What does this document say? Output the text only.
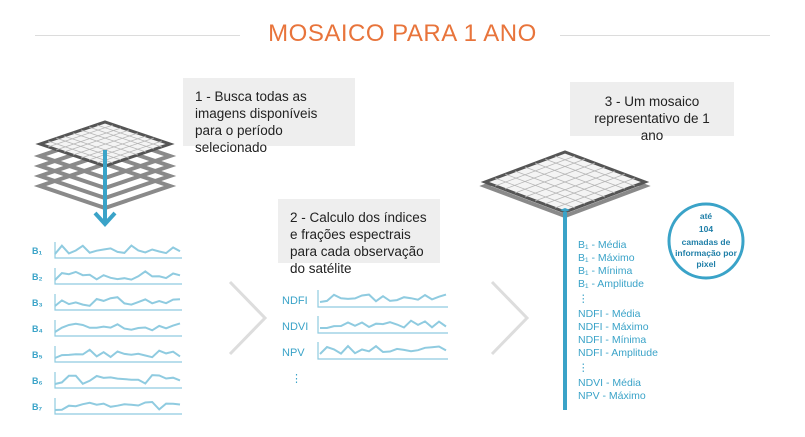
MOSAICO PARA 1 ANO
1 - Busca todas as imagens disponíveis para o período selecionado
2 - Calculo dos índices e frações espectrais para cada observação do satélite
3 - Um mosaico representativo de 1 ano
B₁
B₂
B₃
B₄
B₅
B₆
B₇
NDFI
NDVI
NPV
⋮
B₁ - Média
B₁ - Máximo
B₁ - Mínima
B₁ - Amplitude
⋮
NDFI - Média
NDFI - Máximo
NDFI - Mínima
NDFI - Amplitude
⋮
NDVI - Média
NPV - Máximo
até
104
camadas de
informação por
pixel
